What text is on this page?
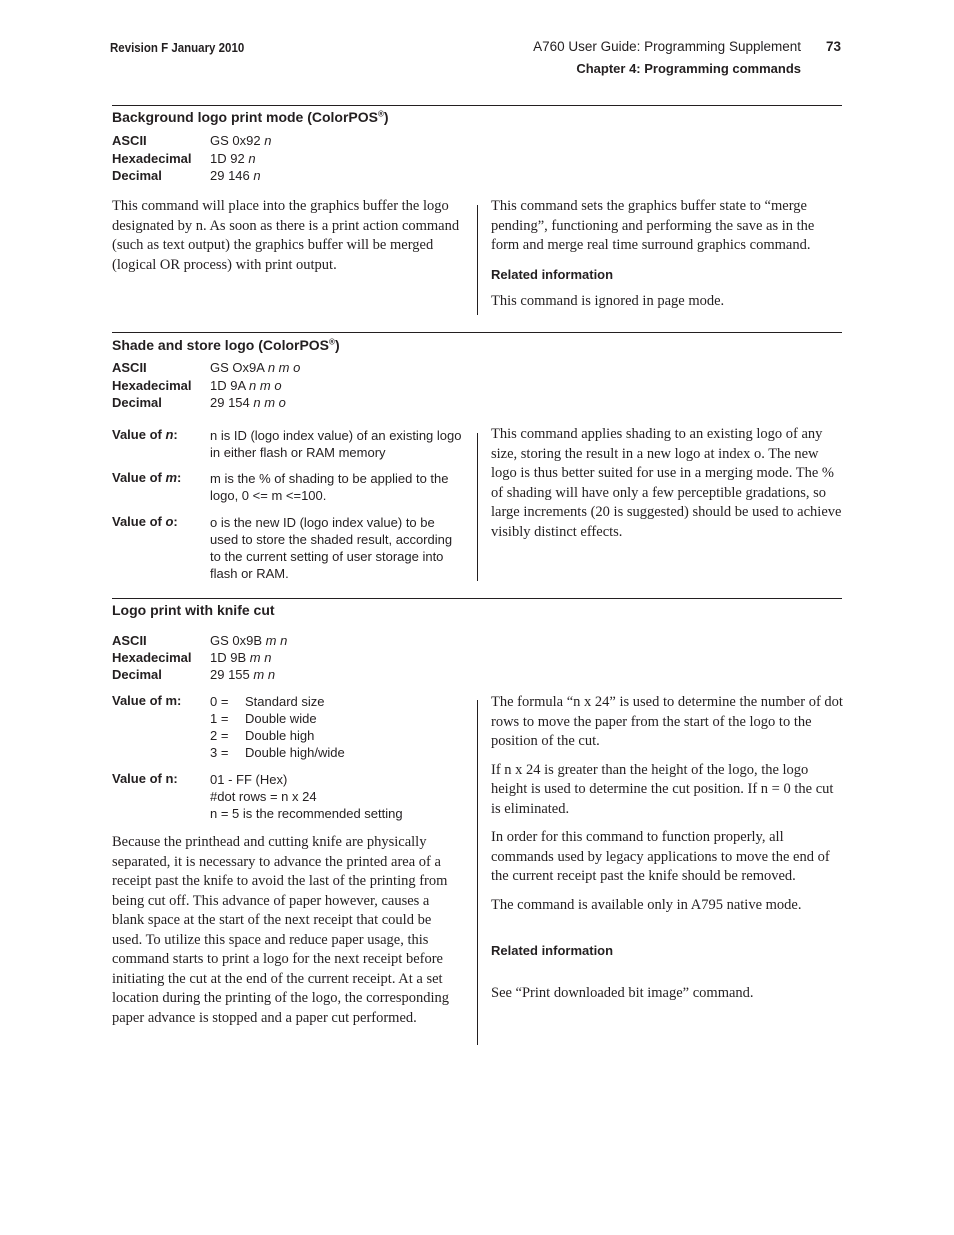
Revision F January 2010	A760 User Guide: Programming Supplement 73
Chapter 4: Programming commands
Background logo print mode (ColorPOS®)
ASCII	GS 0x92 n
Hexadecimal 1D 92 n
Decimal	29 146 n
This command will place into the graphics buffer the logo designated by n. As soon as there is a print action command (such as text output) the graphics buffer will be merged (logical OR process) with print output.

This command sets the graphics buffer state to “merge pending”, functioning and performing the save as in the form and merge real time surround graphics command.

Related information

This command is ignored in page mode.

Shade and store logo (ColorPOS®)
ASCII	GS Ox9A n m o
Hexadecimal 1D 9A n m o
Decimal	29 154 n m o
Value of n: n is ID (logo index value) of an existing logo in either flash or RAM memory
Value of m: m is the % of shading to be applied to the logo, 0 <= m <=100.
Value of o: o is the new ID (logo index value) to be used to store the shaded result, according to the current setting of user storage into flash or RAM.
This command applies shading to an existing logo of any size, storing the result in a new logo at index o. The new logo is thus better suited for use in a merging mode. The % of shading will have only a few perceptible gradations, so large increments (20 is suggested) should be used to achieve visibly distinct effects.
Logo print with knife cut
ASCII	GS 0x9B m n
Hexadecimal 1D 9B m n
Decimal	29 155 m n
Value of m: 0 = Standard size
1 = Double wide
2 = Double high
3 = Double high/wide
Value of n: 01 - FF (Hex)
#dot rows = n x 24
n = 5 is the recommended setting
Because the printhead and cutting knife are physically separated, it is necessary to advance the printed area of a receipt past the knife to avoid the last of the printing from being cut off. This advance of paper however, causes a blank space at the start of the next receipt that could be used. To utilize this space and reduce paper usage, this command starts to print a logo for the next receipt before initiating the cut at the end of the current receipt. At a set location during the printing of the logo, the corresponding paper advance is stopped and a paper cut performed.

The formula “n x 24” is used to determine the number of dot rows to move the paper from the start of the logo to the position of the cut.

If n x 24 is greater than the height of the logo, the logo height is used to determine the cut position. If n = 0 the cut is eliminated.

In order for this command to function properly, all commands used by legacy applications to move the end of the current receipt past the knife should be removed.

The command is available only in A795 native mode.

Related information
See “Print downloaded bit image” command.
